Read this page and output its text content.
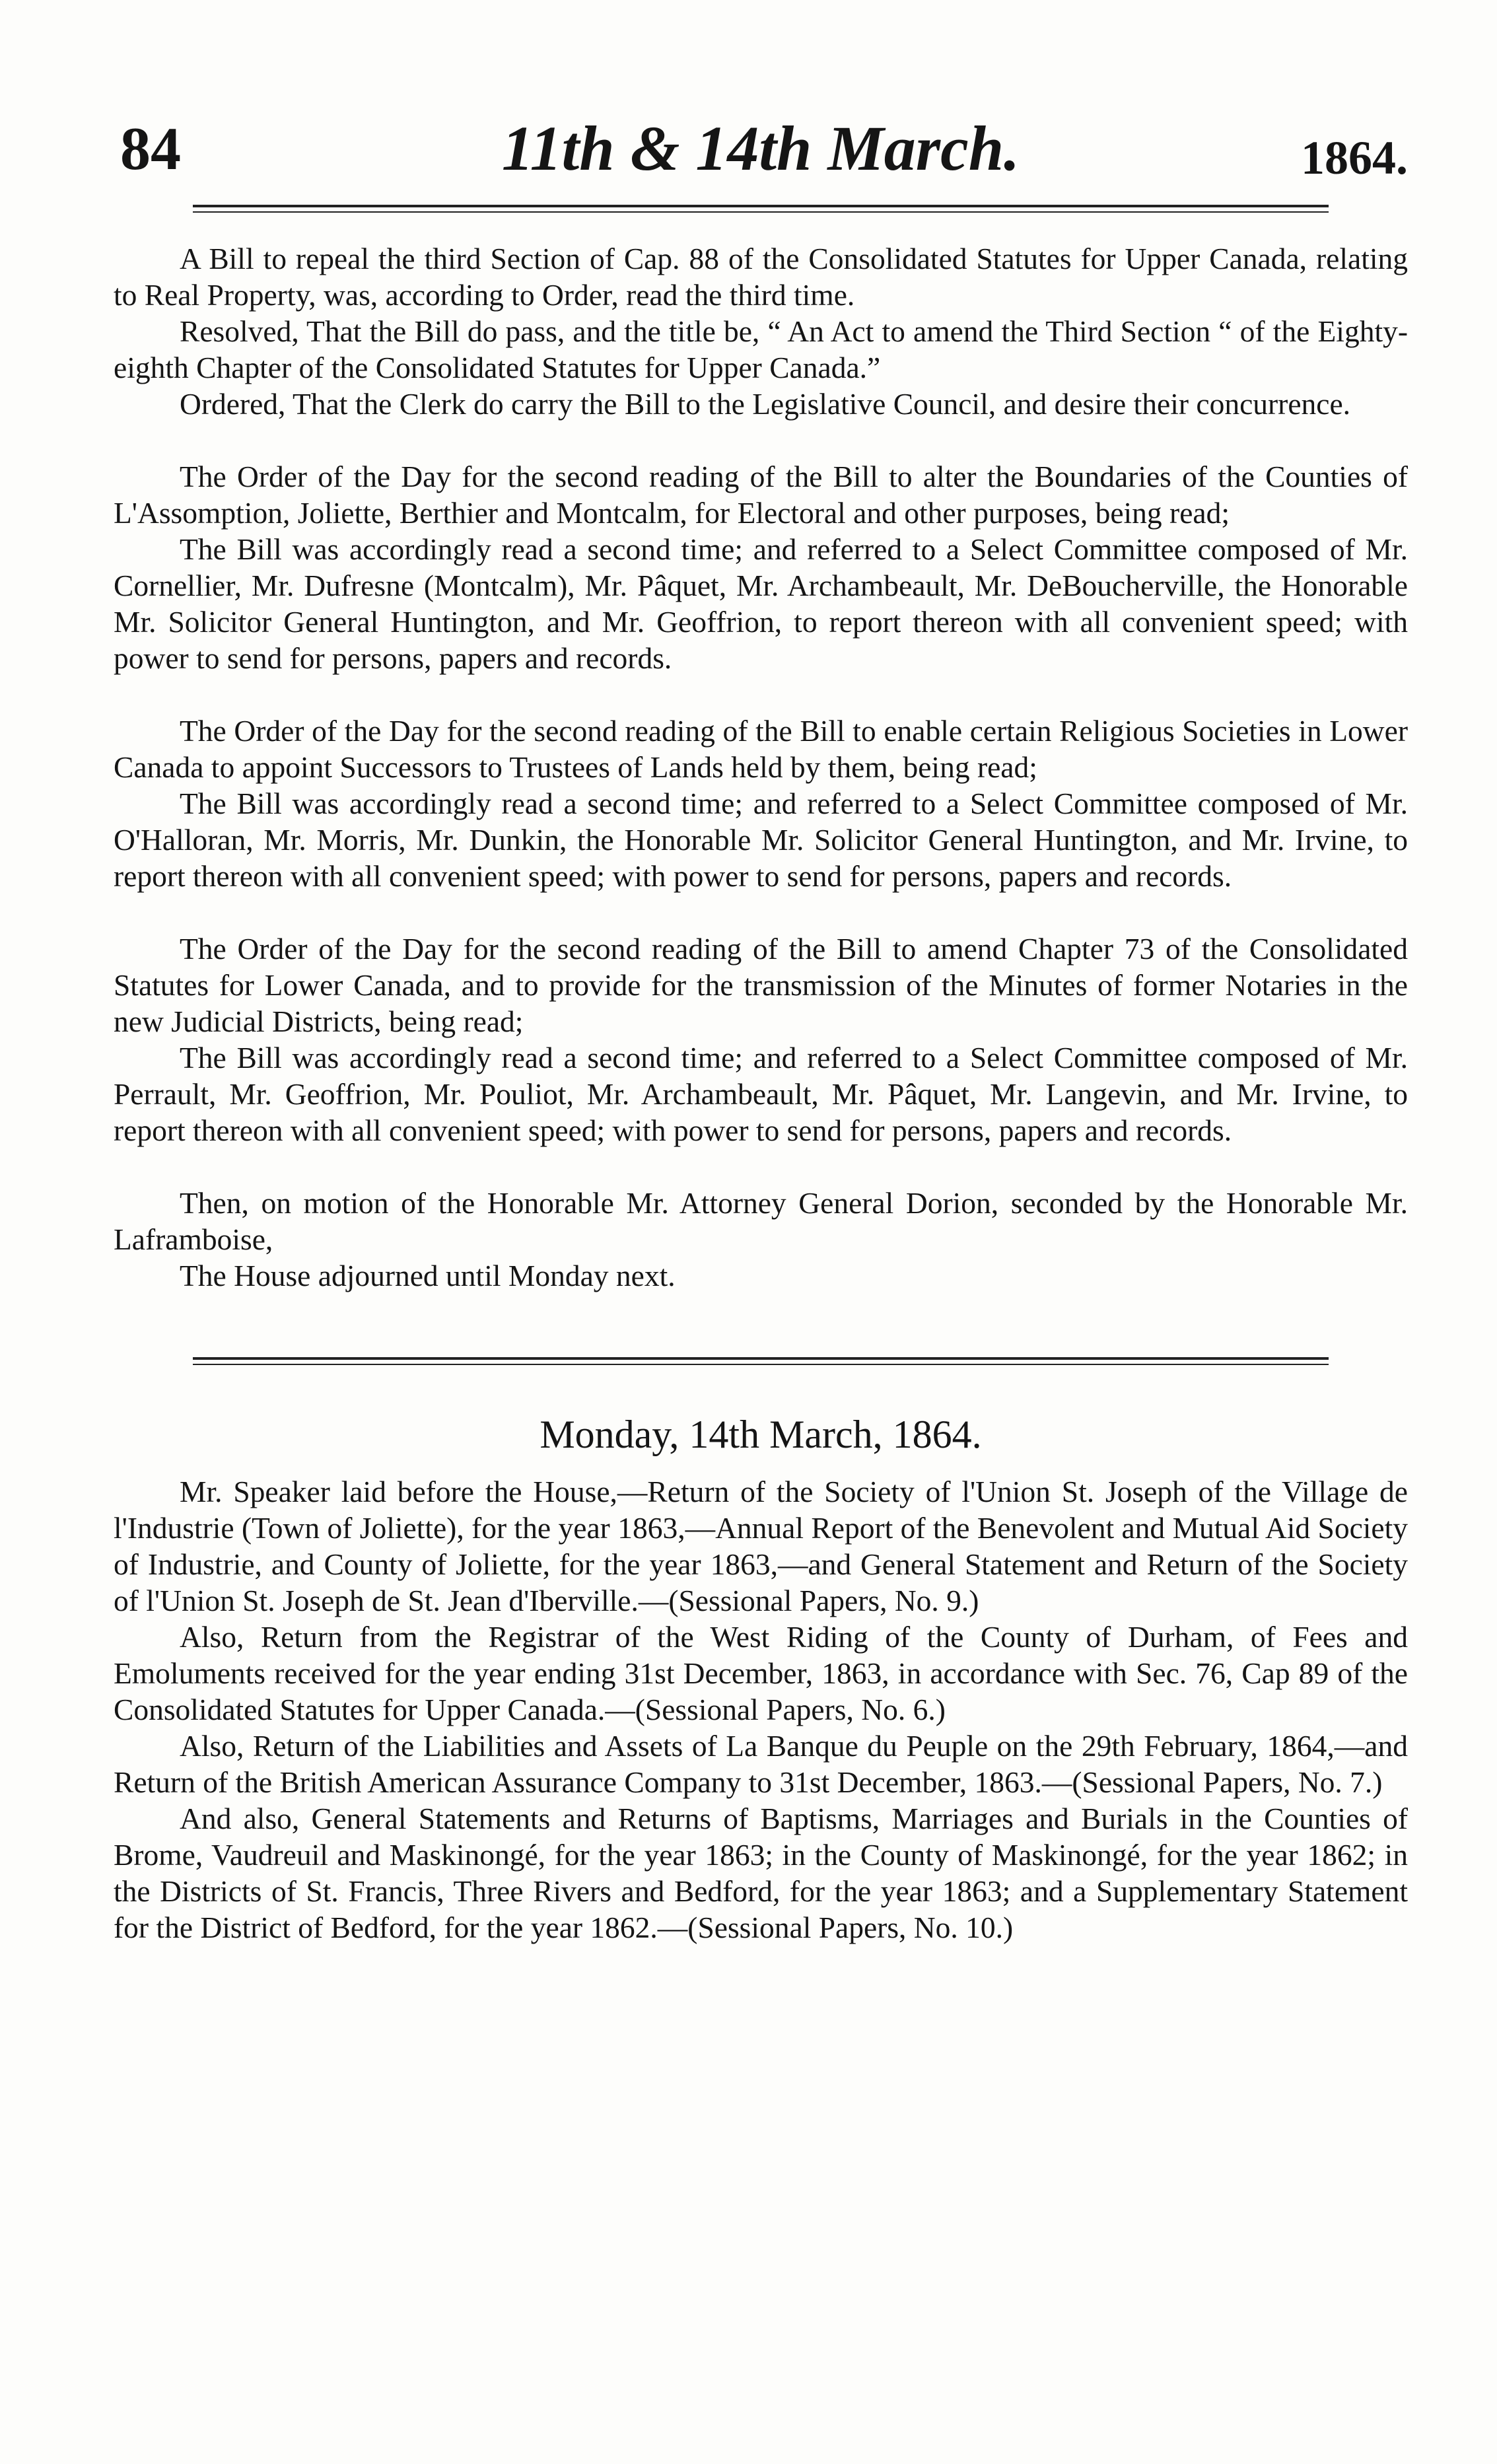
84	11th & 14th March.	1864.

A Bill to repeal the third Section of Cap. 88 of the Consolidated Statutes for Upper Canada, relating to Real Property, was, according to Order, read the third time.

Resolved, That the Bill do pass, and the title be, “ An Act to amend the Third Section “ of the Eighty-eighth Chapter of the Consolidated Statutes for Upper Canada.”

Ordered, That the Clerk do carry the Bill to the Legislative Council, and desire their concurrence.

The Order of the Day for the second reading of the Bill to alter the Boundaries of the Counties of L'Assomption, Joliette, Berthier and Montcalm, for Electoral and other purposes, being read;

The Bill was accordingly read a second time; and referred to a Select Committee composed of Mr. Cornellier, Mr. Dufresne (Montcalm), Mr. Pâquet, Mr. Archambeault, Mr. DeBoucherville, the Honorable Mr. Solicitor General Huntington, and Mr. Geoffrion, to report thereon with all convenient speed; with power to send for persons, papers and records.

The Order of the Day for the second reading of the Bill to enable certain Religious Societies in Lower Canada to appoint Successors to Trustees of Lands held by them, being read;

The Bill was accordingly read a second time; and referred to a Select Committee composed of Mr. O'Halloran, Mr. Morris, Mr. Dunkin, the Honorable Mr. Solicitor General Huntington, and Mr. Irvine, to report thereon with all convenient speed; with power to send for persons, papers and records.

The Order of the Day for the second reading of the Bill to amend Chapter 73 of the Consolidated Statutes for Lower Canada, and to provide for the transmission of the Minutes of former Notaries in the new Judicial Districts, being read;

The Bill was accordingly read a second time; and referred to a Select Committee composed of Mr. Perrault, Mr. Geoffrion, Mr. Pouliot, Mr. Archambeault, Mr. Pâquet, Mr. Langevin, and Mr. Irvine, to report thereon with all convenient speed; with power to send for persons, papers and records.

Then, on motion of the Honorable Mr. Attorney General Dorion, seconded by the Honorable Mr. Laframboise,

The House adjourned until Monday next.

Monday, 14th March, 1864.

Mr. Speaker laid before the House,—Return of the Society of l'Union St. Joseph of the Village de l'Industrie (Town of Joliette), for the year 1863,—Annual Report of the Benevolent and Mutual Aid Society of Industrie, and County of Joliette, for the year 1863,—and General Statement and Return of the Society of l'Union St. Joseph de St. Jean d'Iberville.—(Sessional Papers, No. 9.)

Also, Return from the Registrar of the West Riding of the County of Durham, of Fees and Emoluments received for the year ending 31st December, 1863, in accordance with Sec. 76, Cap 89 of the Consolidated Statutes for Upper Canada.—(Sessional Papers, No. 6.)

Also, Return of the Liabilities and Assets of La Banque du Peuple on the 29th February, 1864,—and Return of the British American Assurance Company to 31st December, 1863.—(Sessional Papers, No. 7.)

And also, General Statements and Returns of Baptisms, Marriages and Burials in the Counties of Brome, Vaudreuil and Maskinongé, for the year 1863; in the County of Maskinongé, for the year 1862; in the Districts of St. Francis, Three Rivers and Bedford, for the year 1863; and a Supplementary Statement for the District of Bedford, for the year 1862.—(Sessional Papers, No. 10.)
